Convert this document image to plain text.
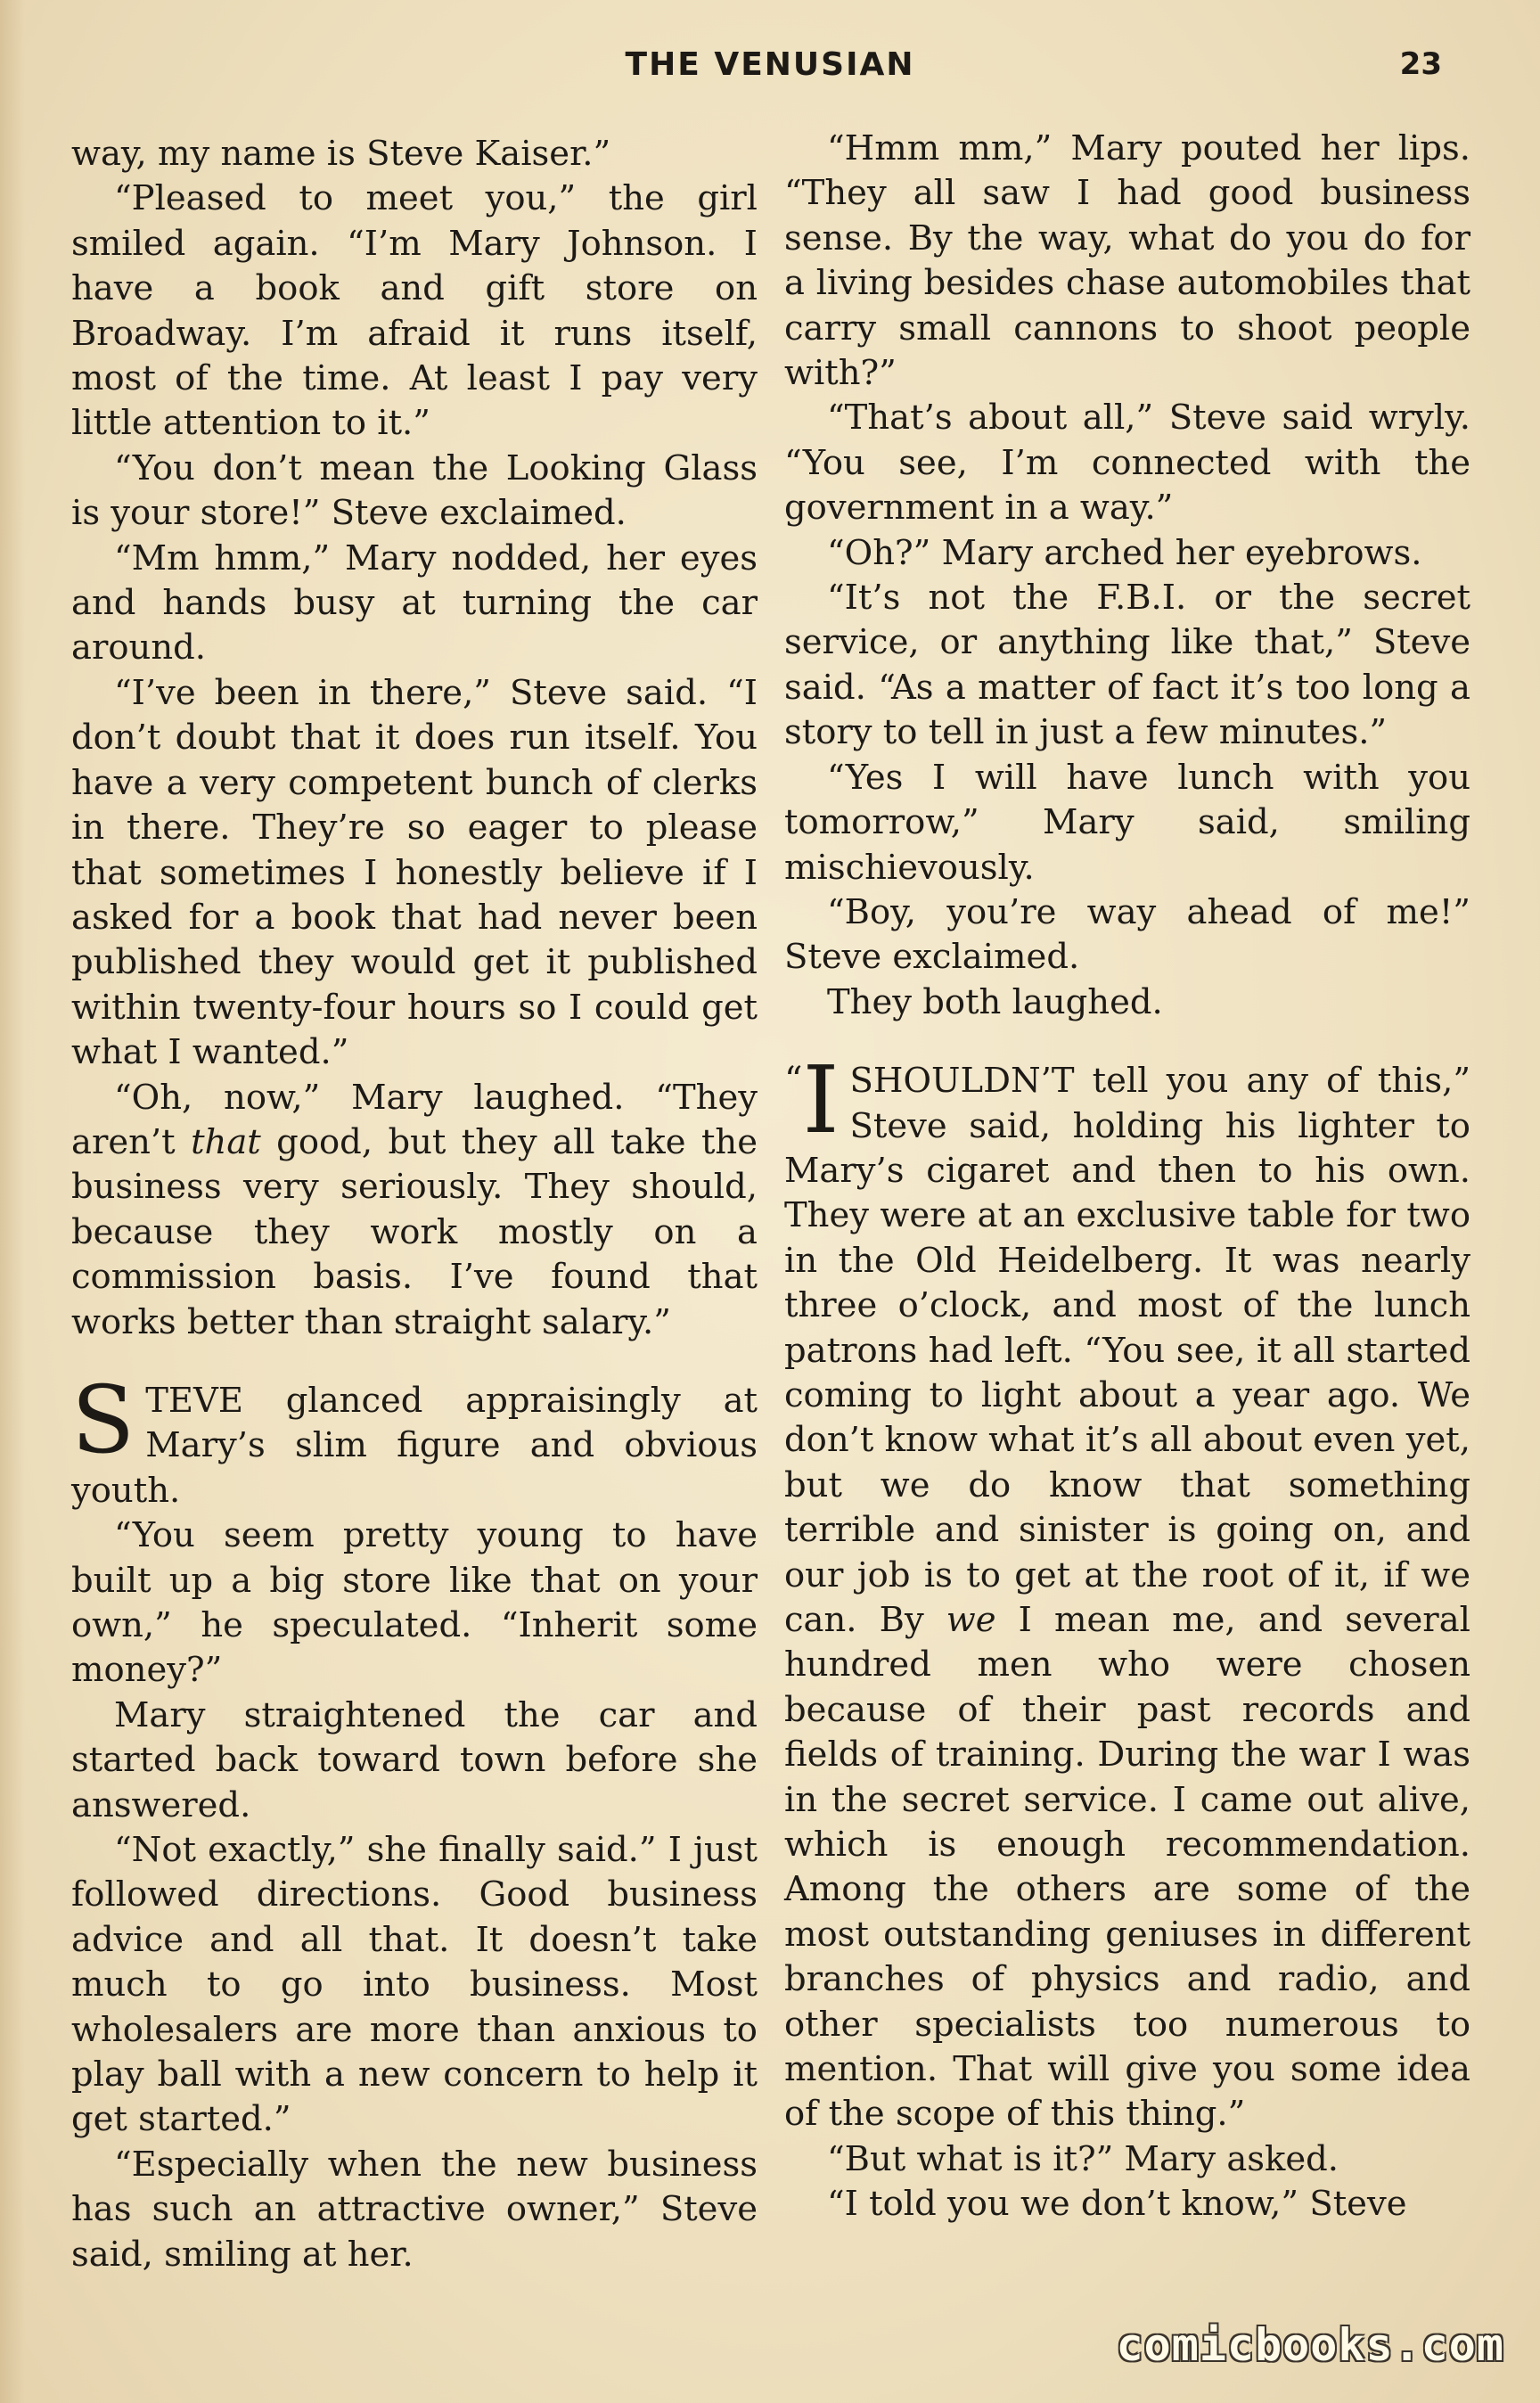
THE VENUSIAN	23

way, my name is Steve Kaiser.”

“Pleased to meet you,” the girl smiled again. “I’m Mary Johnson. I have a book and gift store on Broadway. I’m afraid it runs itself, most of the time. At least I pay very little attention to it.”

“You don’t mean the Looking Glass is your store!” Steve exclaimed.

“Mm hmm,” Mary nodded, her eyes and hands busy at turning the car around.

“I’ve been in there,” Steve said. “I don’t doubt that it does run itself. You have a very competent bunch of clerks in there. They’re so eager to please that sometimes I honestly believe if I asked for a book that had never been published they would get it published within twenty-four hours so I could get what I wanted.”

“Oh, now,” Mary laughed. “They aren’t that good, but they all take the business very seriously. They should, because they work mostly on a commission basis. I’ve found that works better than straight salary.”

STEVE glanced appraisingly at Mary’s slim figure and obvious youth.

“You seem pretty young to have built up a big store like that on your own,” he speculated. “Inherit some money?”

Mary straightened the car and started back toward town before she answered.

“Not exactly,” she finally said.” I just followed directions. Good business advice and all that. It doesn’t take much to go into business. Most wholesalers are more than anxious to play ball with a new concern to help it get started.”

“Especially when the new business has such an attractive owner,” Steve said, smiling at her.

“Hmm mm,” Mary pouted her lips. “They all saw I had good business sense. By the way, what do you do for a living besides chase automobiles that carry small cannons to shoot people with?”

“That’s about all,” Steve said wryly. “You see, I’m connected with the government in a way.”

“Oh?” Mary arched her eyebrows.

“It’s not the F.B.I. or the secret service, or anything like that,” Steve said. “As a matter of fact it’s too long a story to tell in just a few minutes.”

“Yes I will have lunch with you tomorrow,” Mary said, smiling mischievously.

“Boy, you’re way ahead of me!” Steve exclaimed.

They both laughed.

“ I SHOULDN’T tell you any of this,” Steve said, holding his lighter to Mary’s cigaret and then to his own. They were at an exclusive table for two in the Old Heidelberg. It was nearly three o’clock, and most of the lunch patrons had left. “You see, it all started coming to light about a year ago. We don’t know what it’s all about even yet, but we do know that something terrible and sinister is going on, and our job is to get at the root of it, if we can. By we I mean me, and several hundred men who were chosen because of their past records and fields of training. During the war I was in the secret service. I came out alive, which is enough recommendation. Among the others are some of the most outstanding geniuses in different branches of physics and radio, and other specialists too numerous to mention. That will give you some idea of the scope of this thing.”

“But what is it?” Mary asked.

“I told you we don’t know,” Steve

comicbooks.com
